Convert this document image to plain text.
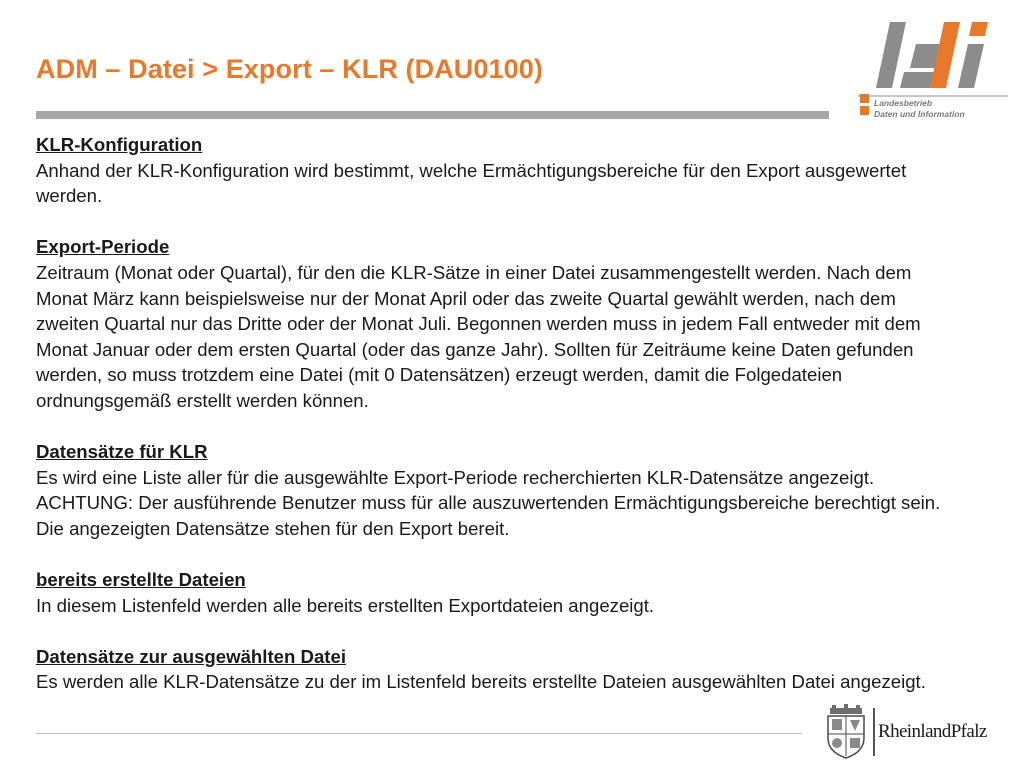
ADM – Datei > Export – KLR (DAU0100)
Landesbetrieb
Daten und Information
KLR-Konfiguration
Anhand der KLR-Konfiguration wird bestimmt, welche Ermächtigungsbereiche für den Export ausgewertet werden.
Export-Periode
Zeitraum (Monat oder Quartal), für den die KLR-Sätze in einer Datei zusammengestellt werden. Nach dem Monat März kann beispielsweise nur der Monat April oder das zweite Quartal gewählt werden, nach dem zweiten Quartal nur das Dritte oder der Monat Juli. Begonnen werden muss in jedem Fall entweder mit dem Monat Januar oder dem ersten Quartal (oder das ganze Jahr). Sollten für Zeiträume keine Daten gefunden werden, so muss trotzdem eine Datei (mit 0 Datensätzen) erzeugt werden, damit die Folgedateien ordnungsgemäß erstellt werden können.
Datensätze für KLR
Es wird eine Liste aller für die ausgewählte Export-Periode recherchierten KLR-Datensätze angezeigt. ACHTUNG: Der ausführende Benutzer muss für alle auszuwertenden Ermächtigungsbereiche berechtigt sein. Die angezeigten Datensätze stehen für den Export bereit.
bereits erstellte Dateien
In diesem Listenfeld werden alle bereits erstellten Exportdateien angezeigt.
Datensätze zur ausgewählten Datei
Es werden alle KLR-Datensätze zu der im Listenfeld bereits erstellte Dateien ausgewählten Datei angezeigt.
RheinlandPfalz
